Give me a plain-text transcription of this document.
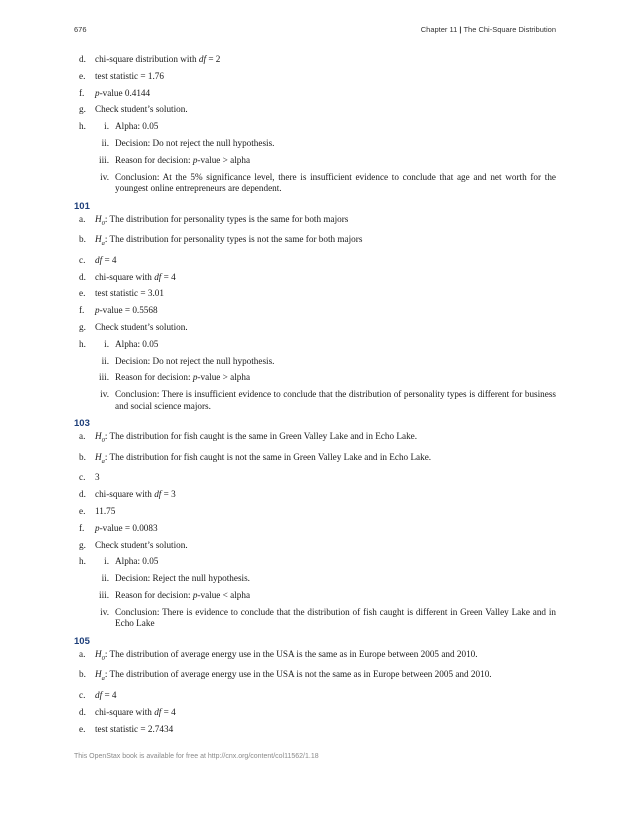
676	Chapter 11 | The Chi-Square Distribution
d. chi-square distribution with df = 2
e. test statistic = 1.76
f. p-value 0.4144
g. Check student’s solution.
h.	i. Alpha: 0.05
ii. Decision: Do not reject the null hypothesis.
iii. Reason for decision: p-value > alpha
iv. Conclusion: At the 5% significance level, there is insufficient evidence to conclude that age and net worth for the youngest online entrepreneurs are dependent.
101
a. $H_0$: The distribution for personality types is the same for both majors
b. $H_a$: The distribution for personality types is not the same for both majors
c. df = 4
d. chi-square with df = 4
e. test statistic = 3.01
f. p-value = 0.5568
g. Check student’s solution.
h.	i. Alpha: 0.05
ii. Decision: Do not reject the null hypothesis.
iii. Reason for decision: p-value > alpha
iv. Conclusion: There is insufficient evidence to conclude that the distribution of personality types is different for business and social science majors.
103
a. $H_0$: The distribution for fish caught is the same in Green Valley Lake and in Echo Lake.
b. $H_a$: The distribution for fish caught is not the same in Green Valley Lake and in Echo Lake.
c. 3
d. chi-square with df = 3
e. 11.75
f. p-value = 0.0083
g. Check student’s solution.
h.	i. Alpha: 0.05
ii. Decision: Reject the null hypothesis.
iii. Reason for decision: p-value < alpha
iv. Conclusion: There is evidence to conclude that the distribution of fish caught is different in Green Valley Lake and in Echo Lake
105
a. $H_0$: The distribution of average energy use in the USA is the same as in Europe between 2005 and 2010.
b. $H_a$: The distribution of average energy use in the USA is not the same as in Europe between 2005 and 2010.
c. df = 4
d. chi-square with df = 4
e. test statistic = 2.7434
This OpenStax book is available for free at http://cnx.org/content/col11562/1.18
